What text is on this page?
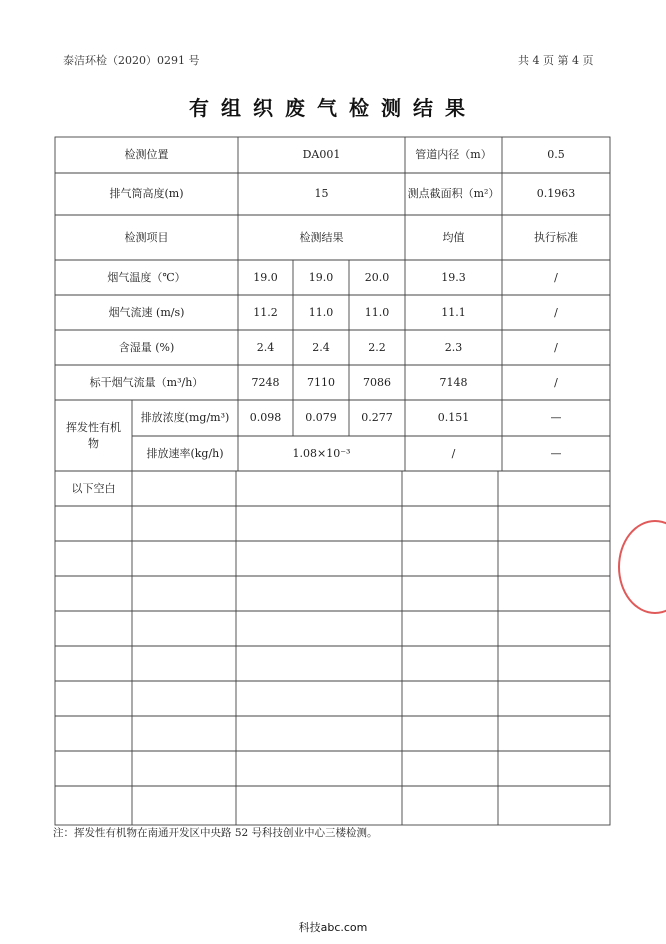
泰洁环检（2020）0291 号	共 4 页 第 4 页
有组织废气检测结果
检测位置	DA001	管道内径（m）	0.5
排气筒高度(m)	15	测点截面积（m²）	0.1963
检测项目	检测结果	均值	执行标准
烟气温度（℃）	19.0	19.0	20.0	19.3	/
烟气流速 (m/s)	11.2	11.0	11.0	11.1	/
含湿量 (%)	2.4	2.4	2.2	2.3	/
标干烟气流量（m³/h）	7248	7110	7086	7148	/
挥发性有机物
排放浓度(mg/m³)	0.098	0.079	0.277	0.151	—
排放速率(kg/h)	1.08×10⁻³	/	—
以下空白
注：挥发性有机物在南通开发区中央路 52 号科技创业中心三楼检测。
科技abc.com
